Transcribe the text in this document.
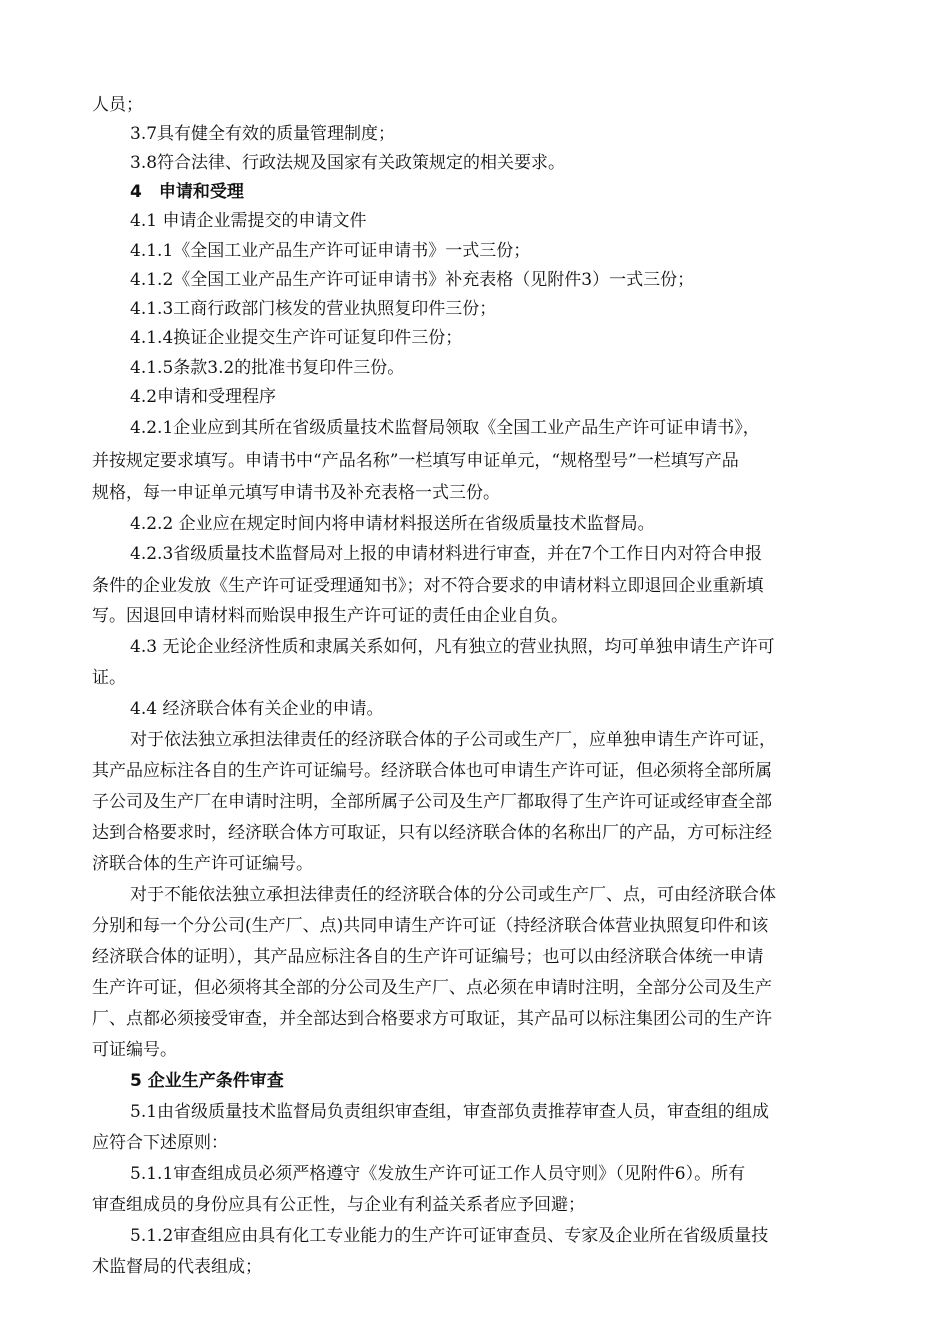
人员；
3.7具有健全有效的质量管理制度；
3.8符合法律、行政法规及国家有关政策规定的相关要求。
4　申请和受理
4.1 申请企业需提交的申请文件
4.1.1《全国工业产品生产许可证申请书》一式三份；
4.1.2《全国工业产品生产许可证申请书》补充表格（见附件3）一式三份；
4.1.3工商行政部门核发的营业执照复印件三份；
4.1.4换证企业提交生产许可证复印件三份；
4.1.5条款3.2的批准书复印件三份。
4.2申请和受理程序
4.2.1企业应到其所在省级质量技术监督局领取《全国工业产品生产许可证申请书》，
并按规定要求填写。申请书中“产品名称”一栏填写申证单元，“规格型号”一栏填写产品
规格，每一申证单元填写申请书及补充表格一式三份。
4.2.2 企业应在规定时间内将申请材料报送所在省级质量技术监督局。
4.2.3省级质量技术监督局对上报的申请材料进行审查，并在7个工作日内对符合申报
条件的企业发放《生产许可证受理通知书》；对不符合要求的申请材料立即退回企业重新填
写。因退回申请材料而贻误申报生产许可证的责任由企业自负。
4.3 无论企业经济性质和隶属关系如何，凡有独立的营业执照，均可单独申请生产许可
证。
4.4 经济联合体有关企业的申请。
对于依法独立承担法律责任的经济联合体的子公司或生产厂，应单独申请生产许可证，
其产品应标注各自的生产许可证编号。经济联合体也可申请生产许可证，但必须将全部所属
子公司及生产厂在申请时注明，全部所属子公司及生产厂都取得了生产许可证或经审查全部
达到合格要求时，经济联合体方可取证，只有以经济联合体的名称出厂的产品，方可标注经
济联合体的生产许可证编号。
对于不能依法独立承担法律责任的经济联合体的分公司或生产厂、点，可由经济联合体
分别和每一个分公司(生产厂、点)共同申请生产许可证（持经济联合体营业执照复印件和该
经济联合体的证明），其产品应标注各自的生产许可证编号；也可以由经济联合体统一申请
生产许可证，但必须将其全部的分公司及生产厂、点必须在申请时注明，全部分公司及生产
厂、点都必须接受审查，并全部达到合格要求方可取证，其产品可以标注集团公司的生产许
可证编号。
5 企业生产条件审查
5.1由省级质量技术监督局负责组织审查组，审查部负责推荐审查人员，审查组的组成
应符合下述原则：
5.1.1审查组成员必须严格遵守《发放生产许可证工作人员守则》（见附件6）。所有
审查组成员的身份应具有公正性，与企业有利益关系者应予回避；
5.1.2审查组应由具有化工专业能力的生产许可证审查员、专家及企业所在省级质量技
术监督局的代表组成；
